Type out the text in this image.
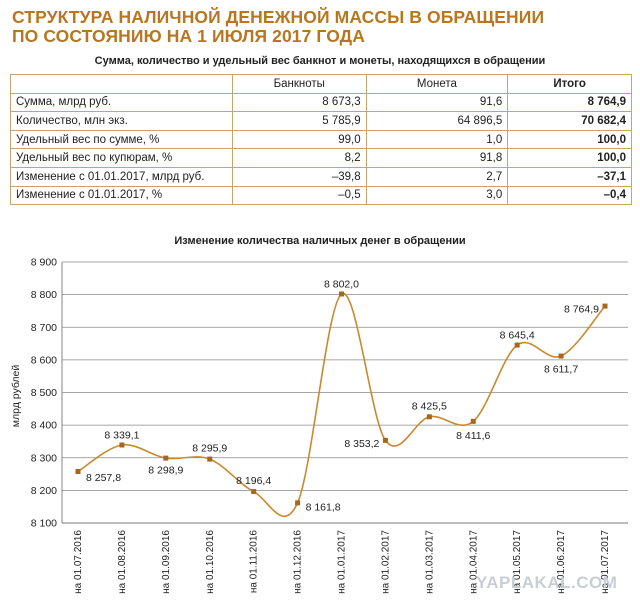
СТРУКТУРА НАЛИЧНОЙ ДЕНЕЖНОЙ МАССЫ В ОБРАЩЕНИИ
ПО СОСТОЯНИЮ НА 1 ИЮЛЯ 2017 ГОДА
Сумма, количество и удельный вес банкнот и монеты, находящихся в обращении
	Банкноты	Монета	Итого
Сумма, млрд руб.	8 673,3	91,6	8 764,9
Количество, млн экз.	5 785,9	64 896,5	70 682,4
Удельный вес по сумме, %	99,0	1,0	100,0
Удельный вес по купюрам, %	8,2	91,8	100,0
Изменение с 01.01.2017, млрд руб.	–39,8	2,7	–37,1
Изменение с 01.01.2017, %	–0,5	3,0	–0,4
Изменение количества наличных денег в обращении
млрд рублей
8 100
8 200
8 300
8 400
8 500
8 600
8 700
8 800
8 900
на 01.07.2016	на 01.08.2016	на 01.09.2016	на 01.10.2016	на 01.11.2016	на 01.12.2016	на 01.01.2017	на 01.02.2017	на 01.03.2017	на 01.04.2017	на 01.05.2017	на 01.06.2017	на 01.07.2017
8 257,8
8 339,1
8 298,9
8 295,9
8 196,4
8 161,8
8 802,0
8 353,2
8 425,5
8 411,6
8 645,4
8 611,7
8 764,9
YAPLAKAL.COM
